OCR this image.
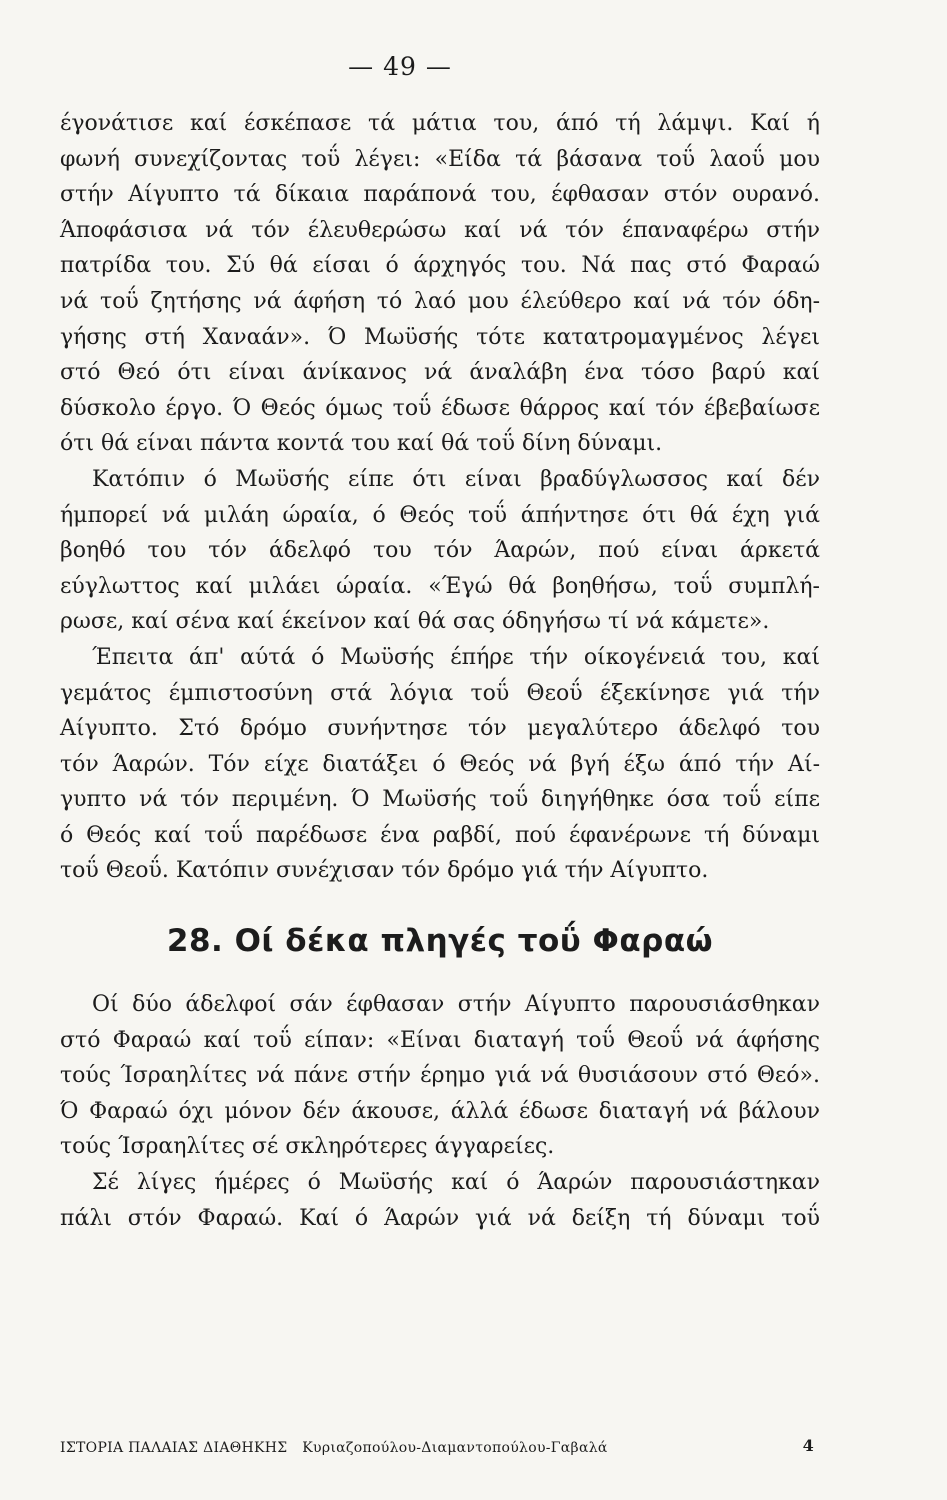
— 49 —
έγονάτισε καί έσκέπασε τά μάτια του, άπό τή λάμψι. Καί ή
φωνή συνεχίζοντας τοΰ λέγει: «Είδα τά βάσανα τοΰ λαοΰ μου
στήν Αίγυπτο τά δίκαια παράπονά του, έφθασαν στόν ουρανό.
Άποφάσισα νά τόν έλευθερώσω καί νά τόν έπαναφέρω στήν
πατρίδα του. Σύ θά είσαι ό άρχηγός του. Νά πας στό Φαραώ
νά τοΰ ζητήσης νά άφήση τό λαό μου έλεύθερο καί νά τόν όδη-
γήσης στή Χαναάν». Ό Μωϋσής τότε κατατρομαγμένος λέγει
στό Θεό ότι είναι άνίκανος νά άναλάβη ένα τόσο βαρύ καί
δύσκολο έργο. Ό Θεός όμως τοΰ έδωσε θάρρος καί τόν έβεβαίωσε
ότι θά είναι πάντα κοντά του καί θά τοΰ δίνη δύναμι.
Κατόπιν ό Μωϋσής είπε ότι είναι βραδύγλωσσος καί δέν
ήμπορεί νά μιλάη ώραία, ό Θεός τοΰ άπήντησε ότι θά έχη γιά
βοηθό του τόν άδελφό του τόν Άαρών, πού είναι άρκετά
εύγλωττος καί μιλάει ώραία. «Έγώ θά βοηθήσω, τοΰ συμπλή-
ρωσε, καί σένα καί έκείνον καί θά σας όδηγήσω τί νά κάμετε».
Έπειτα άπ' αύτά ό Μωϋσής έπήρε τήν οίκογένειά του, καί
γεμάτος έμπιστοσύνη στά λόγια τοΰ Θεοΰ έξεκίνησε γιά τήν
Αίγυπτο. Στό δρόμο συνήντησε τόν μεγαλύτερο άδελφό του
τόν Άαρών. Τόν είχε διατάξει ό Θεός νά βγή έξω άπό τήν Αί-
γυπτο νά τόν περιμένη. Ό Μωϋσής τοΰ διηγήθηκε όσα τοΰ είπε
ό Θεός καί τοΰ παρέδωσε ένα ραβδί, πού έφανέρωνε τή δύναμι
τοΰ Θεοΰ. Κατόπιν συνέχισαν τόν δρόμο γιά τήν Αίγυπτο.
28. Οί δέκα πληγές τοΰ Φαραώ
Οί δύο άδελφοί σάν έφθασαν στήν Αίγυπτο παρουσιάσθηκαν
στό Φαραώ καί τοΰ είπαν: «Είναι διαταγή τοΰ Θεοΰ νά άφήσης
τούς Ίσραηλίτες νά πάνε στήν έρημο γιά νά θυσιάσουν στό Θεό».
Ό Φαραώ όχι μόνον δέν άκουσε, άλλά έδωσε διαταγή νά βάλουν
τούς Ίσραηλίτες σέ σκληρότερες άγγαρείες.
Σέ λίγες ήμέρες ό Μωϋσής καί ό Άαρών παρουσιάστηκαν
πάλι στόν Φαραώ. Καί ό Άαρών γιά νά δείξη τή δύναμι τοΰ
ΙΣΤΟΡΙΑ ΠΑΛΑΙΑΣ ΔΙΑΘΗΚΗΣ Κυριαζοπούλου-Διαμαντοπούλου-Γαβαλά	4
